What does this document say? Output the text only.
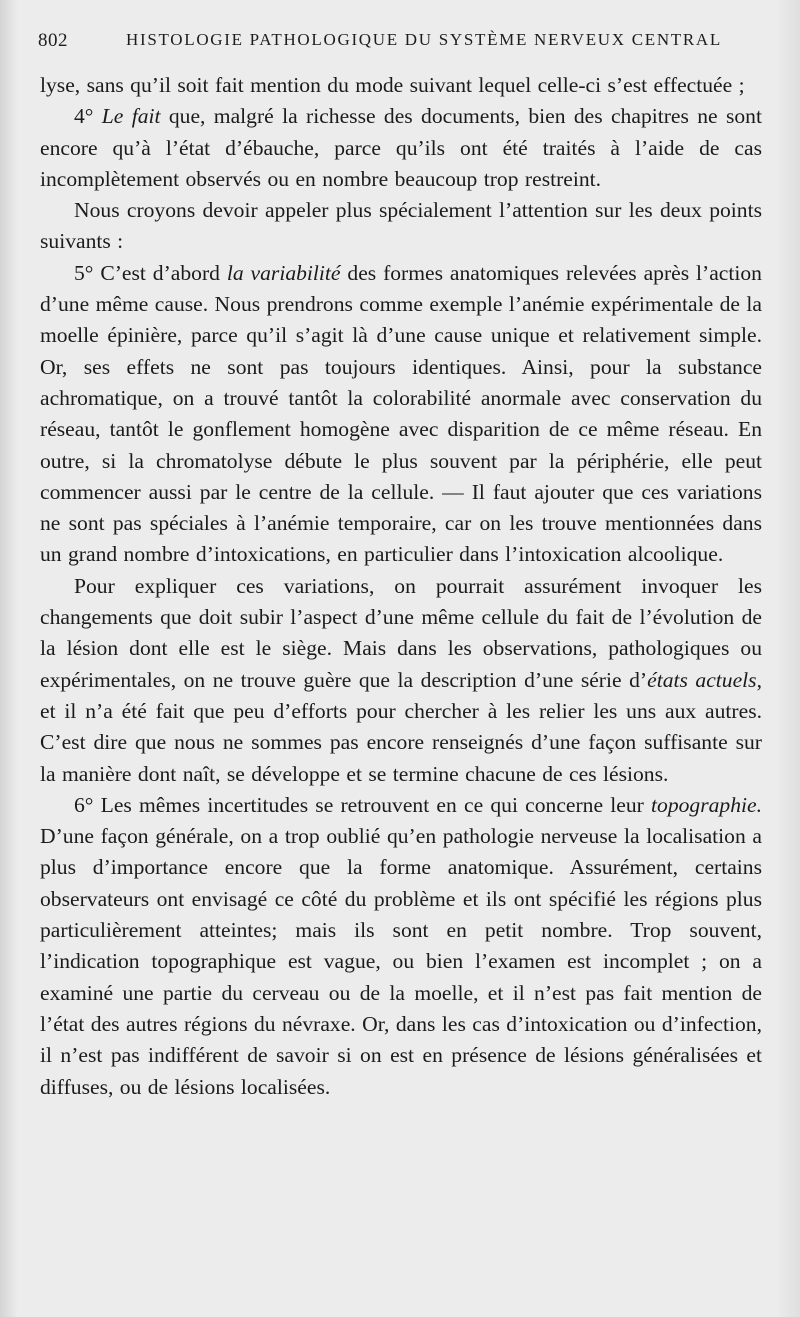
802	HISTOLOGIE PATHOLOGIQUE DU SYSTÈME NERVEUX CENTRAL

lyse, sans qu’il soit fait mention du mode suivant lequel celle-ci s’est effectuée ;

4° Le fait que, malgré la richesse des documents, bien des chapitres ne sont encore qu’à l’état d’ébauche, parce qu’ils ont été traités à l’aide de cas incomplètement observés ou en nombre beaucoup trop restreint.

Nous croyons devoir appeler plus spécialement l’attention sur les deux points suivants :

5° C’est d’abord la variabilité des formes anatomiques relevées après l’action d’une même cause. Nous prendrons comme exemple l’anémie expérimentale de la moelle épinière, parce qu’il s’agit là d’une cause unique et relativement simple. Or, ses effets ne sont pas toujours identiques. Ainsi, pour la substance achromatique, on a trouvé tantôt la colorabilité anormale avec conservation du réseau, tantôt le gonflement homogène avec disparition de ce même réseau. En outre, si la chromatolyse débute le plus souvent par la périphérie, elle peut commencer aussi par le centre de la cellule. — Il faut ajouter que ces variations ne sont pas spéciales à l’anémie temporaire, car on les trouve mentionnées dans un grand nombre d’intoxications, en particulier dans l’intoxication alcoolique.

Pour expliquer ces variations, on pourrait assurément invoquer les changements que doit subir l’aspect d’une même cellule du fait de l’évolution de la lésion dont elle est le siège. Mais dans les observations, pathologiques ou expérimentales, on ne trouve guère que la description d’une série d’états actuels, et il n’a été fait que peu d’efforts pour chercher à les relier les uns aux autres. C’est dire que nous ne sommes pas encore renseignés d’une façon suffisante sur la manière dont naît, se développe et se termine chacune de ces lésions.

6° Les mêmes incertitudes se retrouvent en ce qui concerne leur topographie. D’une façon générale, on a trop oublié qu’en pathologie nerveuse la localisation a plus d’importance encore que la forme anatomique. Assurément, certains observateurs ont envisagé ce côté du problème et ils ont spécifié les régions plus particulièrement atteintes; mais ils sont en petit nombre. Trop souvent, l’indication topographique est vague, ou bien l’examen est incomplet ; on a examiné une partie du cerveau ou de la moelle, et il n’est pas fait mention de l’état des autres régions du névraxe. Or, dans les cas d’intoxication ou d’infection, il n’est pas indifférent de savoir si on est en présence de lésions généralisées et diffuses, ou de lésions localisées.
